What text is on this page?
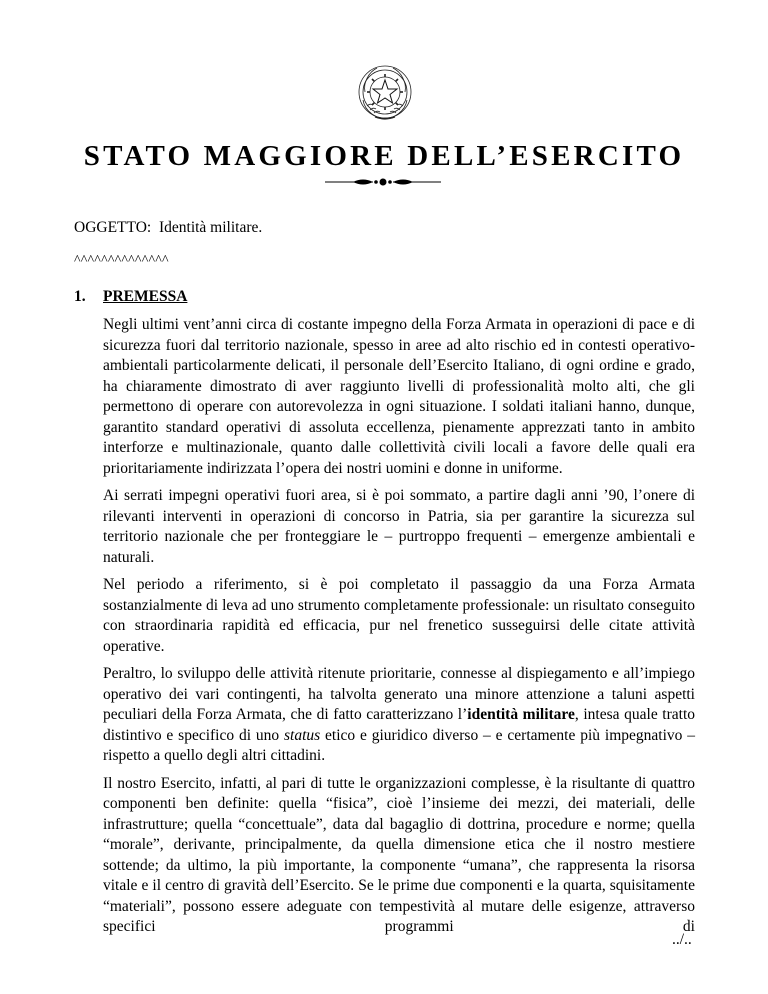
STATO MAGGIORE DELL’ESERCITO
OGGETTO: Identità militare.
^^^^^^^^^^^^^^
1. PREMESSA

Negli ultimi vent’anni circa di costante impegno della Forza Armata in operazioni di pace e di sicurezza fuori dal territorio nazionale, spesso in aree ad alto rischio ed in contesti operativo-ambientali particolarmente delicati, il personale dell’Esercito Italiano, di ogni ordine e grado, ha chiaramente dimostrato di aver raggiunto livelli di professionalità molto alti, che gli permettono di operare con autorevolezza in ogni situazione. I soldati italiani hanno, dunque, garantito standard operativi di assoluta eccellenza, pienamente apprezzati tanto in ambito interforze e multinazionale, quanto dalle collettività civili locali a favore delle quali era prioritariamente indirizzata l’opera dei nostri uomini e donne in uniforme.

Ai serrati impegni operativi fuori area, si è poi sommato, a partire dagli anni ’90, l’onere di rilevanti interventi in operazioni di concorso in Patria, sia per garantire la sicurezza sul territorio nazionale che per fronteggiare le – purtroppo frequenti – emergenze ambientali e naturali.

Nel periodo a riferimento, si è poi completato il passaggio da una Forza Armata sostanzialmente di leva ad uno strumento completamente professionale: un risultato conseguito con straordinaria rapidità ed efficacia, pur nel frenetico susseguirsi delle citate attività operative.

Peraltro, lo sviluppo delle attività ritenute prioritarie, connesse al dispiegamento e all’impiego operativo dei vari contingenti, ha talvolta generato una minore attenzione a taluni aspetti peculiari della Forza Armata, che di fatto caratterizzano l’identità militare, intesa quale tratto distintivo e specifico di uno status etico e giuridico diverso – e certamente più impegnativo – rispetto a quello degli altri cittadini.

Il nostro Esercito, infatti, al pari di tutte le organizzazioni complesse, è la risultante di quattro componenti ben definite: quella “fisica”, cioè l’insieme dei mezzi, dei materiali, delle infrastrutture; quella “concettuale”, data dal bagaglio di dottrina, procedure e norme; quella “morale”, derivante, principalmente, da quella dimensione etica che il nostro mestiere sottende; da ultimo, la più importante, la componente “umana”, che rappresenta la risorsa vitale e il centro di gravità dell’Esercito. Se le prime due componenti e la quarta, squisitamente “materiali”, possono essere adeguate con tempestività al mutare delle esigenze, attraverso specifici programmi di

../..
